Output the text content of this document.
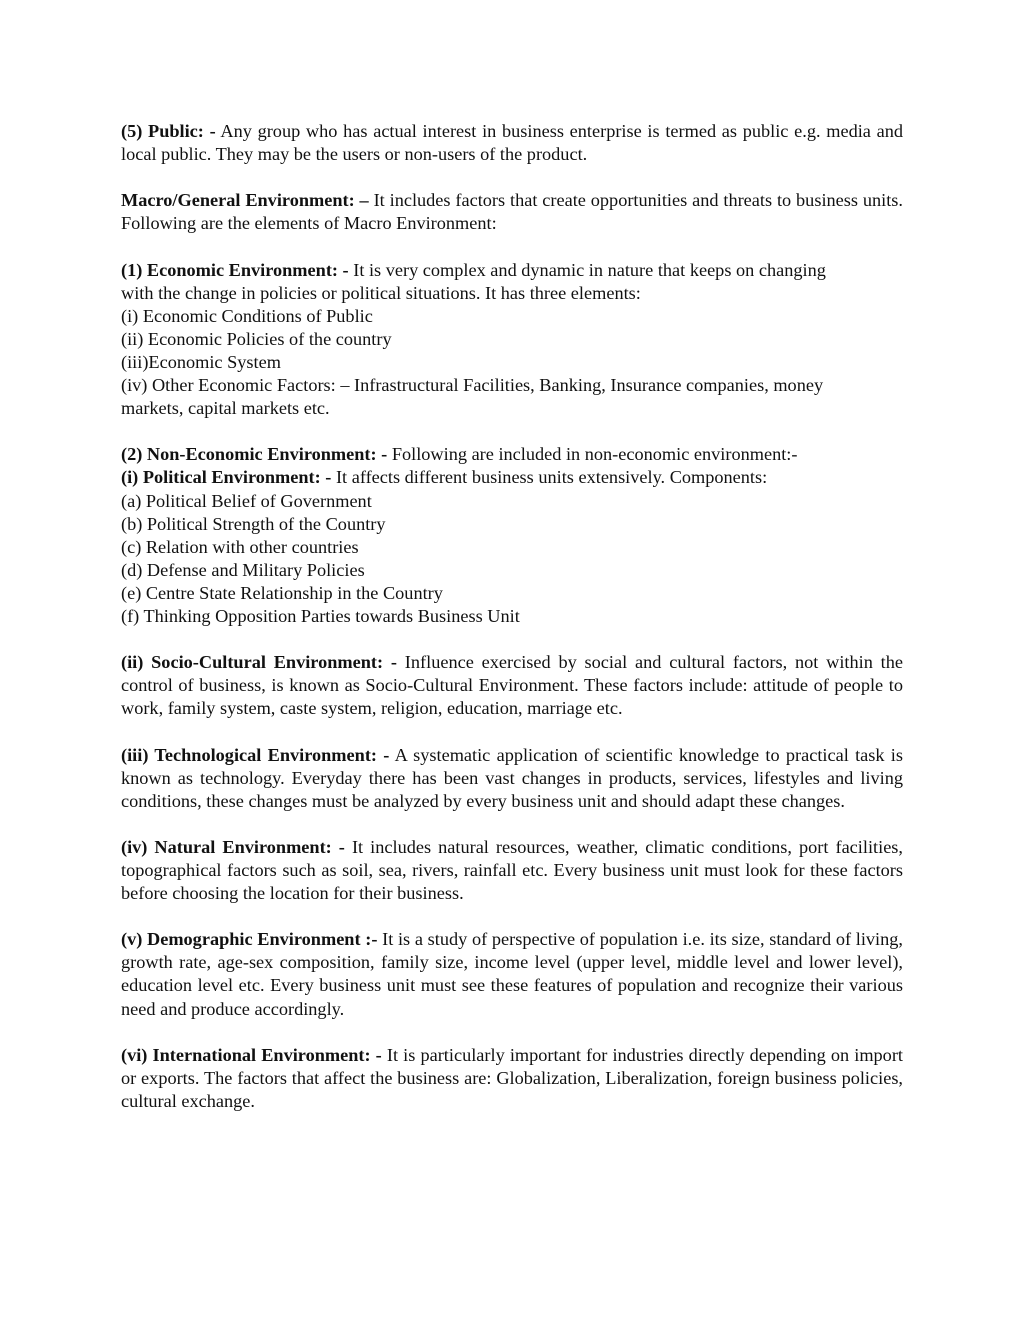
(5) Public: - Any group who has actual interest in business enterprise is termed as public e.g. media and local public. They may be the users or non-users of the product.

Macro/General Environment: – It includes factors that create opportunities and threats to business units. Following are the elements of Macro Environment:

(1) Economic Environment: - It is very complex and dynamic in nature that keeps on changing
with the change in policies or political situations. It has three elements:
(i) Economic Conditions of Public
(ii) Economic Policies of the country
(iii)Economic System
(iv) Other Economic Factors: – Infrastructural Facilities, Banking, Insurance companies, money
markets, capital markets etc.
(2) Non-Economic Environment: - Following are included in non-economic environment:-
(i) Political Environment: - It affects different business units extensively. Components:
(a) Political Belief of Government
(b) Political Strength of the Country
(c) Relation with other countries
(d) Defense and Military Policies
(e) Centre State Relationship in the Country
(f) Thinking Opposition Parties towards Business Unit

(ii) Socio-Cultural Environment: - Influence exercised by social and cultural factors, not within the control of business, is known as Socio-Cultural Environment. These factors include: attitude of people to work, family system, caste system, religion, education, marriage etc.

(iii) Technological Environment: - A systematic application of scientific knowledge to practical task is known as technology. Everyday there has been vast changes in products, services, lifestyles and living conditions, these changes must be analyzed by every business unit and should adapt these changes.

(iv) Natural Environment: - It includes natural resources, weather, climatic conditions, port facilities, topographical factors such as soil, sea, rivers, rainfall etc. Every business unit must look for these factors before choosing the location for their business.

(v) Demographic Environment :- It is a study of perspective of population i.e. its size, standard of living, growth rate, age-sex composition, family size, income level (upper level, middle level and lower level), education level etc. Every business unit must see these features of population and recognize their various need and produce accordingly.

(vi) International Environment: - It is particularly important for industries directly depending on import or exports. The factors that affect the business are: Globalization, Liberalization, foreign business policies, cultural exchange.
